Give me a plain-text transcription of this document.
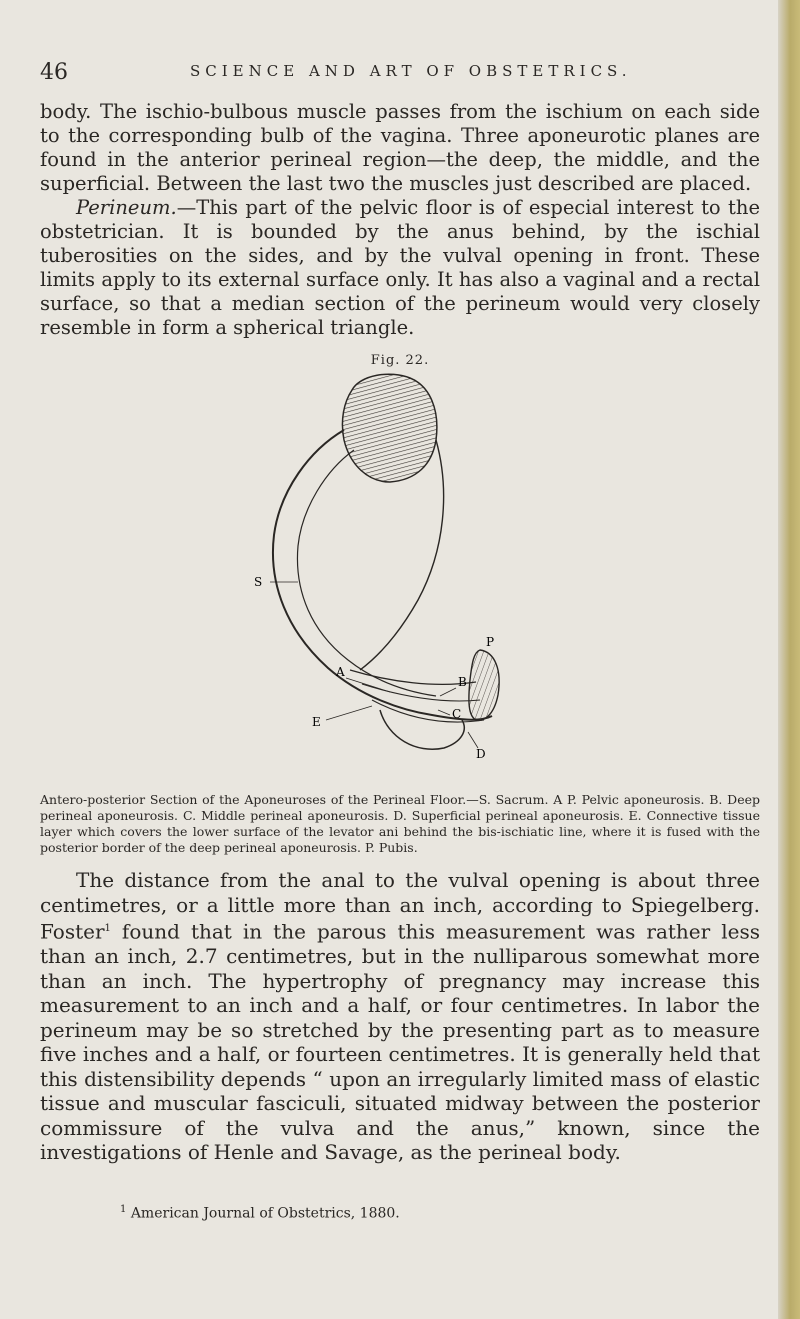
46	SCIENCE AND ART OF OBSTETRICS.

body. The ischio-bulbous muscle passes from the ischium on each side to the corresponding bulb of the vagina. Three aponeurotic planes are found in the anterior perineal region—the deep, the middle, and the superficial. Between the last two the muscles just described are placed.

Perineum.—This part of the pelvic floor is of especial interest to the obstetrician. It is bounded by the anus behind, by the ischial tuberosities on the sides, and by the vulval opening in front. These limits apply to its external surface only. It has also a vaginal and a rectal surface, so that a median section of the perineum would very closely resemble in form a spherical triangle.

Fig. 22.
S
P
A
B
E
C
D

Antero-posterior Section of the Aponeuroses of the Perineal Floor.—S. Sacrum. A P. Pelvic aponeurosis. B. Deep perineal aponeurosis. C. Middle perineal aponeurosis. D. Superficial perineal aponeurosis. E. Connective tissue layer which covers the lower surface of the levator ani behind the bis-ischiatic line, where it is fused with the posterior border of the deep perineal aponeurosis. P. Pubis.

The distance from the anal to the vulval opening is about three centimetres, or a little more than an inch, according to Spiegelberg. Foster$^1$ found that in the parous this measurement was rather less than an inch, 2.7 centimetres, but in the nulliparous somewhat more than an inch. The hypertrophy of pregnancy may increase this measurement to an inch and a half, or four centimetres. In labor the perineum may be so stretched by the presenting part as to measure five inches and a half, or fourteen centimetres. It is generally held that this distensibility depends “ upon an irregularly limited mass of elastic tissue and muscular fasciculi, situated midway between the posterior commissure of the vulva and the anus,” known, since the investigations of Henle and Savage, as the perineal body.

$^1$ American Journal of Obstetrics, 1880.
